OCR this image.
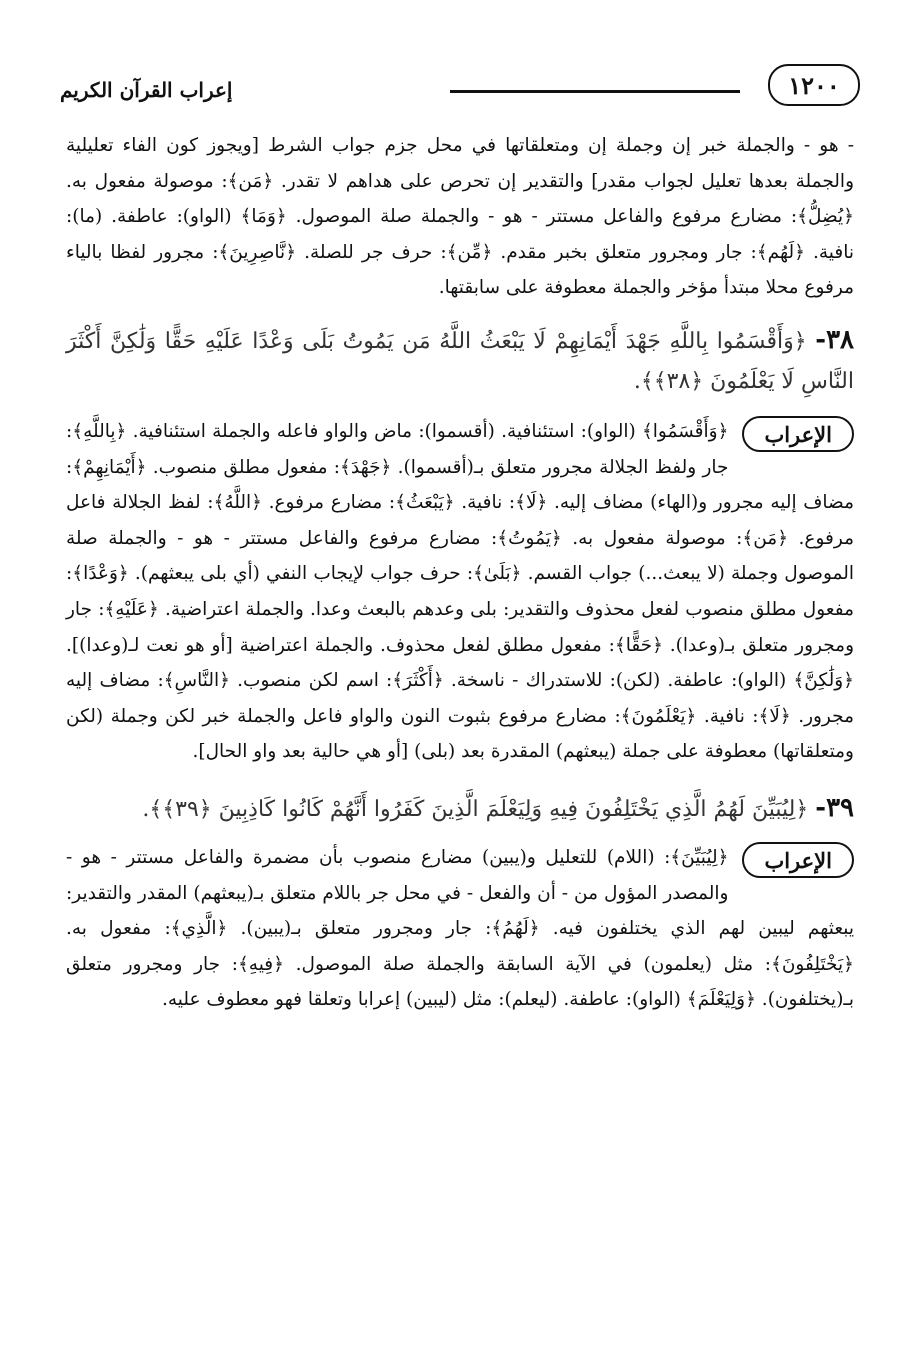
١٢٠٠
إعراب القرآن الكريم

- هو - والجملة خبر إن وجملة إن ومتعلقاتها في محل جزم جواب الشرط [ويجوز كون الفاء تعليلية والجملة بعدها تعليل لجواب مقدر] والتقدير إن تحرص على هداهم لا تقدر. ﴿مَن﴾: موصولة مفعول به. ﴿يُضِلُّ﴾: مضارع مرفوع والفاعل مستتر - هو - والجملة صلة الموصول. ﴿وَمَا﴾ (الواو): عاطفة. (ما): نافية. ﴿لَهُم﴾: جار ومجرور متعلق بخبر مقدم. ﴿مِّن﴾: حرف جر للصلة. ﴿نَّاصِرِينَ﴾: مجرور لفظا بالياء مرفوع محلا مبتدأ مؤخر والجملة معطوفة على سابقتها.

٣٨- ﴿وَأَقْسَمُوا بِاللَّهِ جَهْدَ أَيْمَانِهِمْ لَا يَبْعَثُ اللَّهُ مَن يَمُوتُ بَلَى وَعْدًا عَلَيْهِ حَقًّا وَلَٰكِنَّ أَكْثَرَ النَّاسِ لَا يَعْلَمُونَ ﴿٣٨﴾﴾.
الإعراب

﴿وَأَقْسَمُوا﴾ (الواو): استئنافية. (أقسموا): ماض والواو فاعله والجملة استئنافية. ﴿بِاللَّهِ﴾: جار ولفظ الجلالة مجرور متعلق بـ(أقسموا). ﴿جَهْدَ﴾: مفعول مطلق منصوب. ﴿أَيْمَانِهِمْ﴾: مضاف إليه مجرور و(الهاء) مضاف إليه. ﴿لَا﴾: نافية. ﴿يَبْعَثُ﴾: مضارع مرفوع. ﴿اللَّهُ﴾: لفظ الجلالة فاعل مرفوع. ﴿مَن﴾: موصولة مفعول به. ﴿يَمُوتُ﴾: مضارع مرفوع والفاعل مستتر - هو - والجملة صلة الموصول وجملة (لا يبعث...) جواب القسم. ﴿بَلَىٰ﴾: حرف جواب لإيجاب النفي (أي بلى يبعثهم). ﴿وَعْدًا﴾: مفعول مطلق منصوب لفعل محذوف والتقدير: بلى وعدهم بالبعث وعدا. والجملة اعتراضية. ﴿عَلَيْهِ﴾: جار ومجرور متعلق بـ(وعدا). ﴿حَقًّا﴾: مفعول مطلق لفعل محذوف. والجملة اعتراضية [أو هو نعت لـ(وعدا)]. ﴿وَلَٰكِنَّ﴾ (الواو): عاطفة. (لكن): للاستدراك - ناسخة. ﴿أَكْثَرَ﴾: اسم لكن منصوب. ﴿النَّاسِ﴾: مضاف إليه مجرور. ﴿لَا﴾: نافية. ﴿يَعْلَمُونَ﴾: مضارع مرفوع بثبوت النون والواو فاعل والجملة خبر لكن وجملة (لكن ومتعلقاتها) معطوفة على جملة (يبعثهم) المقدرة بعد (بلى) [أو هي حالية بعد واو الحال].

٣٩- ﴿لِيُبَيِّنَ لَهُمُ الَّذِي يَخْتَلِفُونَ فِيهِ وَلِيَعْلَمَ الَّذِينَ كَفَرُوا أَنَّهُمْ كَانُوا كَاذِبِينَ ﴿٣٩﴾﴾.
الإعراب

﴿لِيُبَيِّنَ﴾: (اللام) للتعليل و(يبين) مضارع منصوب بأن مضمرة والفاعل مستتر - هو - والمصدر المؤول من - أن والفعل - في محل جر باللام متعلق بـ(يبعثهم) المقدر والتقدير: يبعثهم ليبين لهم الذي يختلفون فيه. ﴿لَهُمُ﴾: جار ومجرور متعلق بـ(يبين). ﴿الَّذِي﴾: مفعول به. ﴿يَخْتَلِفُونَ﴾: مثل (يعلمون) في الآية السابقة والجملة صلة الموصول. ﴿فِيهِ﴾: جار ومجرور متعلق بـ(يختلفون). ﴿وَلِيَعْلَمَ﴾ (الواو): عاطفة. (ليعلم): مثل (ليبين) إعرابا وتعلقا فهو معطوف عليه.
